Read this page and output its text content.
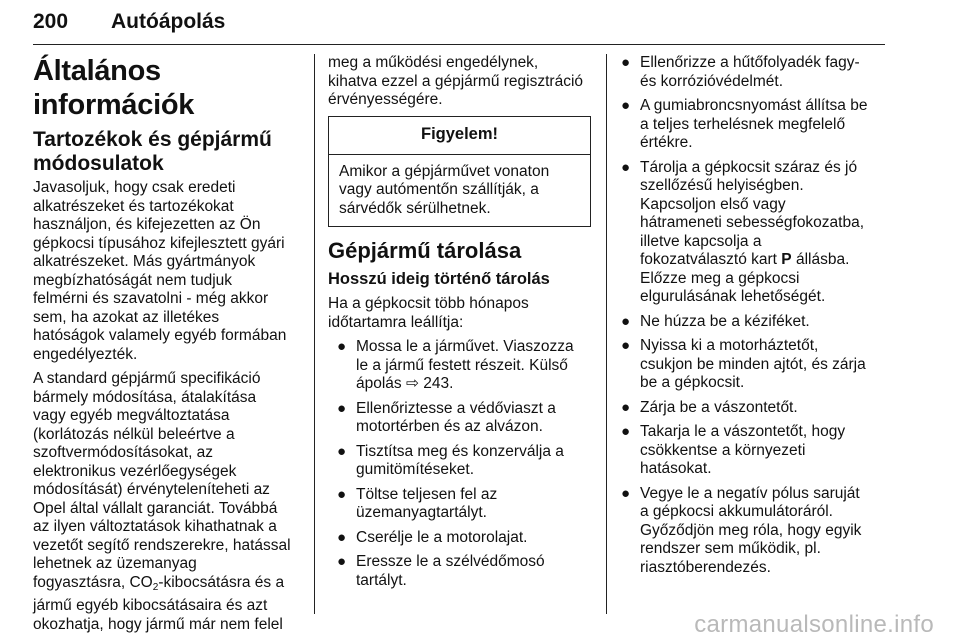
200 Autóápolás
Általános információk
Tartozékok és gépjármű módosulatok
Javasoljuk, hogy csak eredeti
alkatrészeket és tartozékokat
használjon, és kifejezetten az Ön
gépkocsi típusához kifejlesztett gyári
alkatrészeket. Más gyártmányok
megbízhatóságát nem tudjuk
felmérni és szavatolni - még akkor
sem, ha azokat az illetékes
hatóságok valamely egyéb formában
engedélyezték.
A standard gépjármű specifikáció
bármely módosítása, átalakítása
vagy egyéb megváltoztatása
(korlátozás nélkül beleértve a
szoftvermódosításokat, az
elektronikus vezérlőegységek
módosítását) érvényteleníteheti az
Opel által vállalt garanciát. Továbbá
az ilyen változtatások kihathatnak a
vezetőt segítő rendszerekre, hatással
lehetnek az üzemanyag
fogyasztásra, $CO_2$-kibocsátásra és a
jármű egyéb kibocsátásaira és azt
okozhatja, hogy jármű már nem felel

meg a működési engedélynek,
kihatva ezzel a gépjármű regisztráció
érvényességére.
Figyelem!
Amikor a gépjárművet vonaton
vagy autómentőn szállítják, a
sárvédők sérülhetnek.
Gépjármű tárolása
Hosszú ideig történő tárolás
Ha a gépkocsit több hónapos
időtartamra leállítja:
● Mossa le a járművet. Viaszozza
le a jármű festett részeit. Külső
ápolás ⇨ 243.
● Ellenőriztesse a védőviaszt a
motortérben és az alvázon.
● Tisztítsa meg és konzerválja a
gumitömítéseket.
● Töltse teljesen fel az
üzemanyagtartályt.
● Cserélje le a motorolajat.
● Eressze le a szélvédőmosó
tartályt.
● Ellenőrizze a hűtőfolyadék fagy-
és korrózióvédelmét.
● A gumiabroncsnyomást állítsa be
a teljes terhelésnek megfelelő
értékre.
● Tárolja a gépkocsit száraz és jó
szellőzésű helyiségben.
Kapcsoljon első vagy
hátrameneti sebességfokozatba,
illetve kapcsolja a
fokozatválasztó kart P állásba.
Előzze meg a gépkocsi
elgurulásának lehetőségét.
● Ne húzza be a kéziféket.
● Nyissa ki a motorháztetőt,
csukjon be minden ajtót, és zárja
be a gépkocsit.
● Zárja be a vászontetőt.
● Takarja le a vászontetőt, hogy
csökkentse a környezeti
hatásokat.
● Vegye le a negatív pólus saruját
a gépkocsi akkumulátoráról.
Győződjön meg róla, hogy egyik
rendszer sem működik, pl.
riasztóberendezés.
carmanualsonline.info
